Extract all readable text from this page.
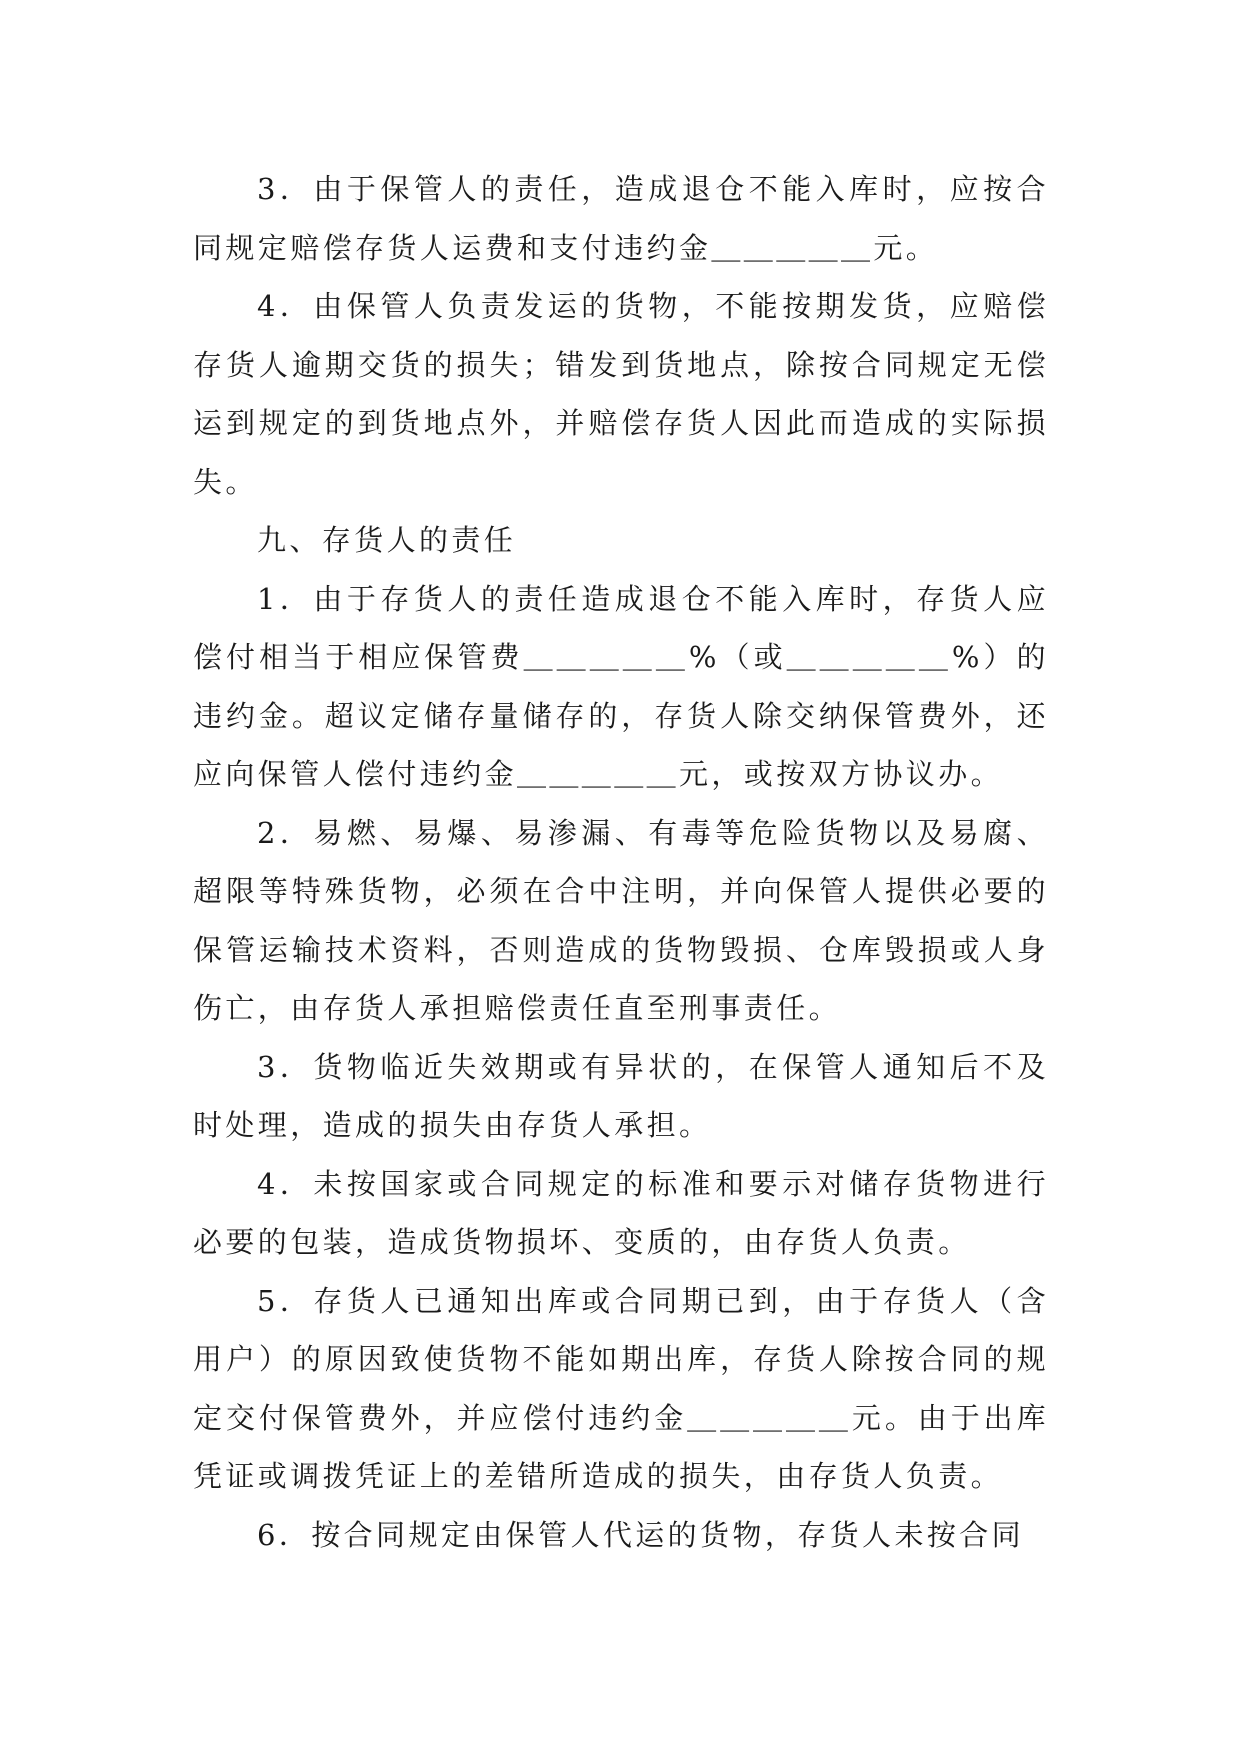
3．由于保管人的责任，造成退仓不能入库时，应按合同规定赔偿存货人运费和支付违约金＿＿＿＿＿元。

4．由保管人负责发运的货物，不能按期发货，应赔偿存货人逾期交货的损失；错发到货地点，除按合同规定无偿运到规定的到货地点外，并赔偿存货人因此而造成的实际损失。

九、存货人的责任

1．由于存货人的责任造成退仓不能入库时，存货人应偿付相当于相应保管费＿＿＿＿＿%（或＿＿＿＿＿%）的违约金。超议定储存量储存的，存货人除交纳保管费外，还应向保管人偿付违约金＿＿＿＿＿元，或按双方协议办。

2．易燃、易爆、易渗漏、有毒等危险货物以及易腐、超限等特殊货物，必须在合中注明，并向保管人提供必要的保管运输技术资料，否则造成的货物毁损、仓库毁损或人身伤亡，由存货人承担赔偿责任直至刑事责任。

3．货物临近失效期或有异状的，在保管人通知后不及时处理，造成的损失由存货人承担。

4．未按国家或合同规定的标准和要示对储存货物进行必要的包装，造成货物损坏、变质的，由存货人负责。

5．存货人已通知出库或合同期已到，由于存货人（含用户）的原因致使货物不能如期出库，存货人除按合同的规定交付保管费外，并应偿付违约金＿＿＿＿＿元。由于出库凭证或调拨凭证上的差错所造成的损失，由存货人负责。

6．按合同规定由保管人代运的货物，存货人未按合同
